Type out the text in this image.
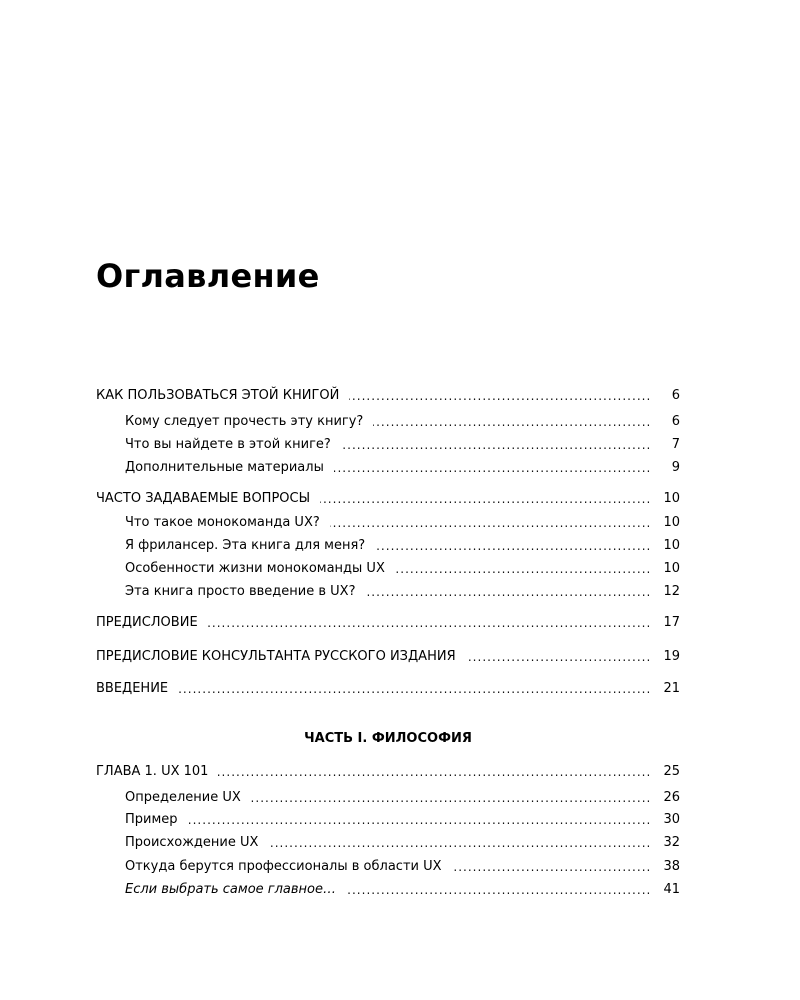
Оглавление
. . .
КАК ПОЛЬЗОВАТЬСЯ ЭТОЙ КНИГОЙ	6
. . .
Кому следует прочесть эту книгу?	6
. . .
Что вы найдете в этой книге?	7
. . .
Дополнительные материалы	9
. . .
ЧАСТО ЗАДАВАЕМЫЕ ВОПРОСЫ	10
. . .
Что такое монокоманда UX?	10
. . .
Я фрилансер. Эта книга для меня?	10
. . .
Особенности жизни монокоманды UX	10
. . .
Эта книга просто введение в UX?	12
. . .
ПРЕДИСЛОВИЕ	17
. . .
ПРЕДИСЛОВИЕ КОНСУЛЬТАНТА РУССКОГО ИЗДАНИЯ	19
. . .
ВВЕДЕНИЕ	21
. . .
ГЛАВА 1. UX 101	25
. . .
Определение UX	26
. . .
Пример	30
. . .
Происхождение UX	32
. . .
Откуда берутся профессионалы в области UX	38
. . .
Если выбрать самое главное…	41
ЧАСТЬ I. ФИЛОСОФИЯ
